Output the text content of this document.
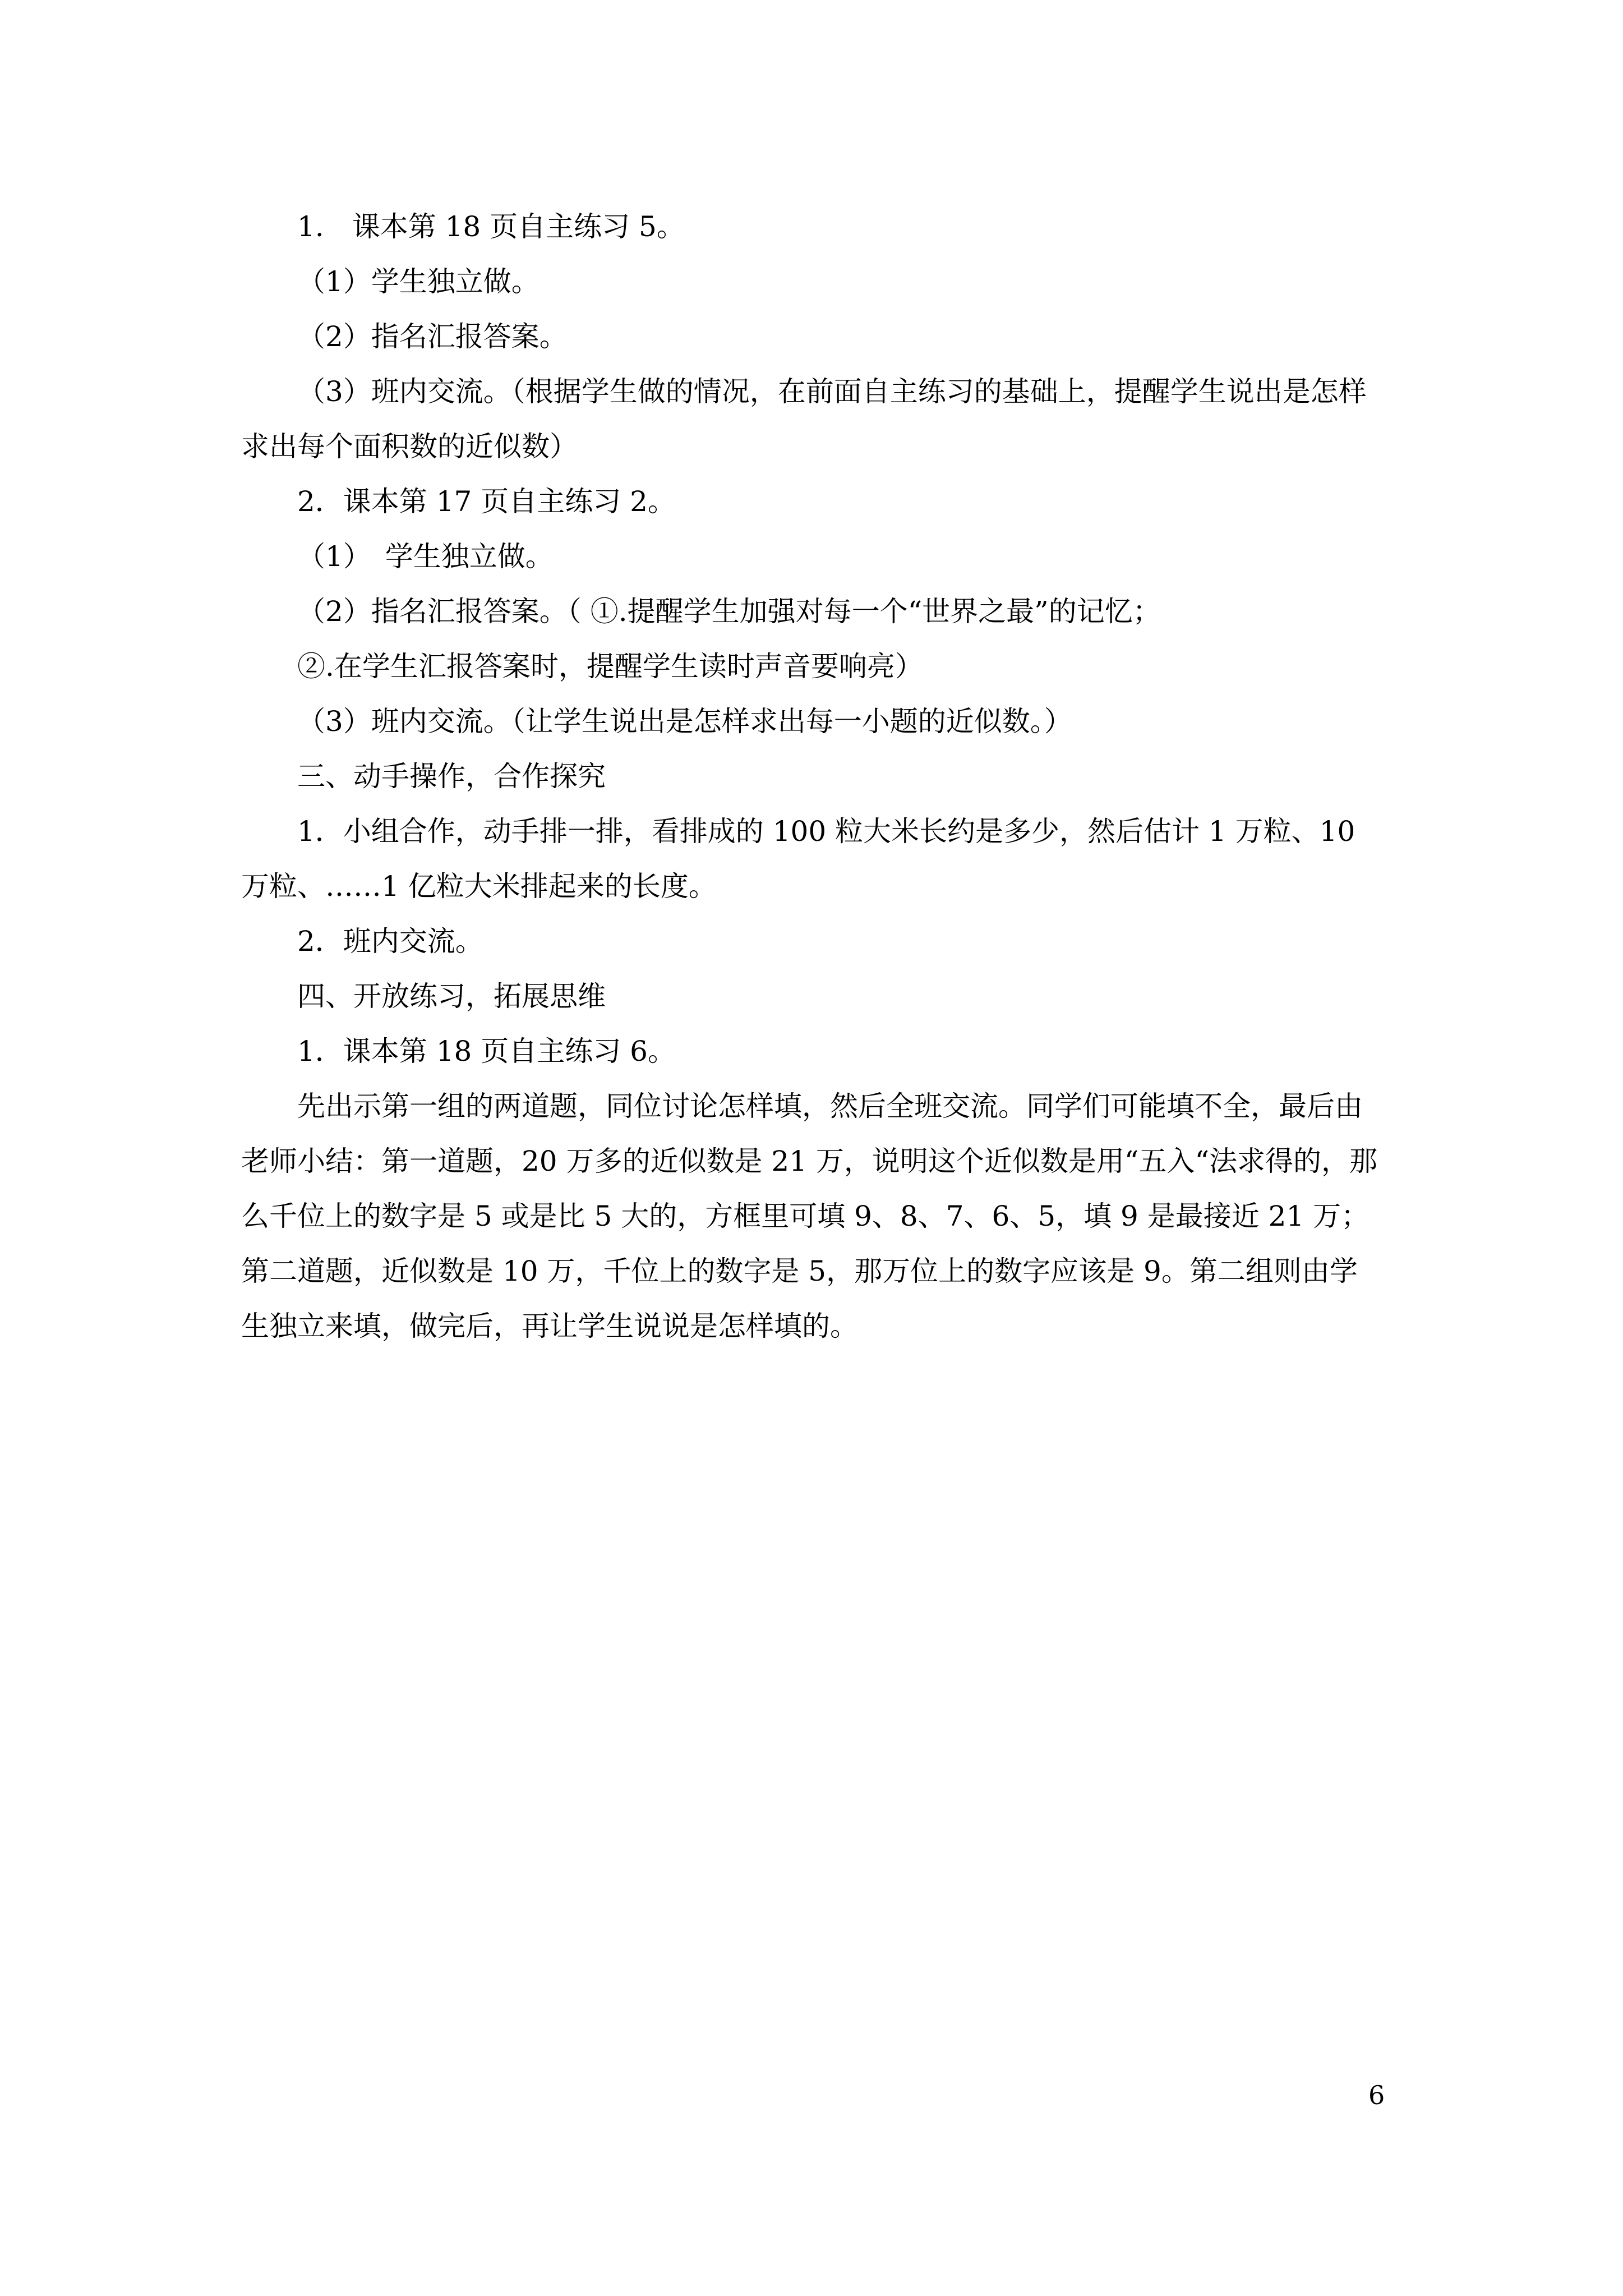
1.　课本第 18 页自主练习 5。

（1）学生独立做。

（2）指名汇报答案。

（3）班内交流。（根据学生做的情况，在前面自主练习的基础上，提醒学生说出是怎样求出每个面积数的近似数）

2．课本第 17 页自主练习 2。

（1）　学生独立做。

（2）指名汇报答案。（ ①.提醒学生加强对每一个“世界之最”的记忆；

②.在学生汇报答案时，提醒学生读时声音要响亮）

（3）班内交流。（让学生说出是怎样求出每一小题的近似数。）

三、动手操作，合作探究

1．小组合作，动手排一排，看排成的 100 粒大米长约是多少，然后估计 1 万粒、10 万粒、……1 亿粒大米排起来的长度。

2．班内交流。

四、开放练习，拓展思维

1．课本第 18 页自主练习 6。

先出示第一组的两道题，同位讨论怎样填，然后全班交流。同学们可能填不全，最后由老师小结：第一道题，20 万多的近似数是 21 万，说明这个近似数是用“五入“法求得的，那么千位上的数字是 5 或是比 5 大的，方框里可填 9、8、7、6、5，填 9 是最接近 21 万；第二道题，近似数是 10 万，千位上的数字是 5，那万位上的数字应该是 9。第二组则由学生独立来填，做完后，再让学生说说是怎样填的。

6
